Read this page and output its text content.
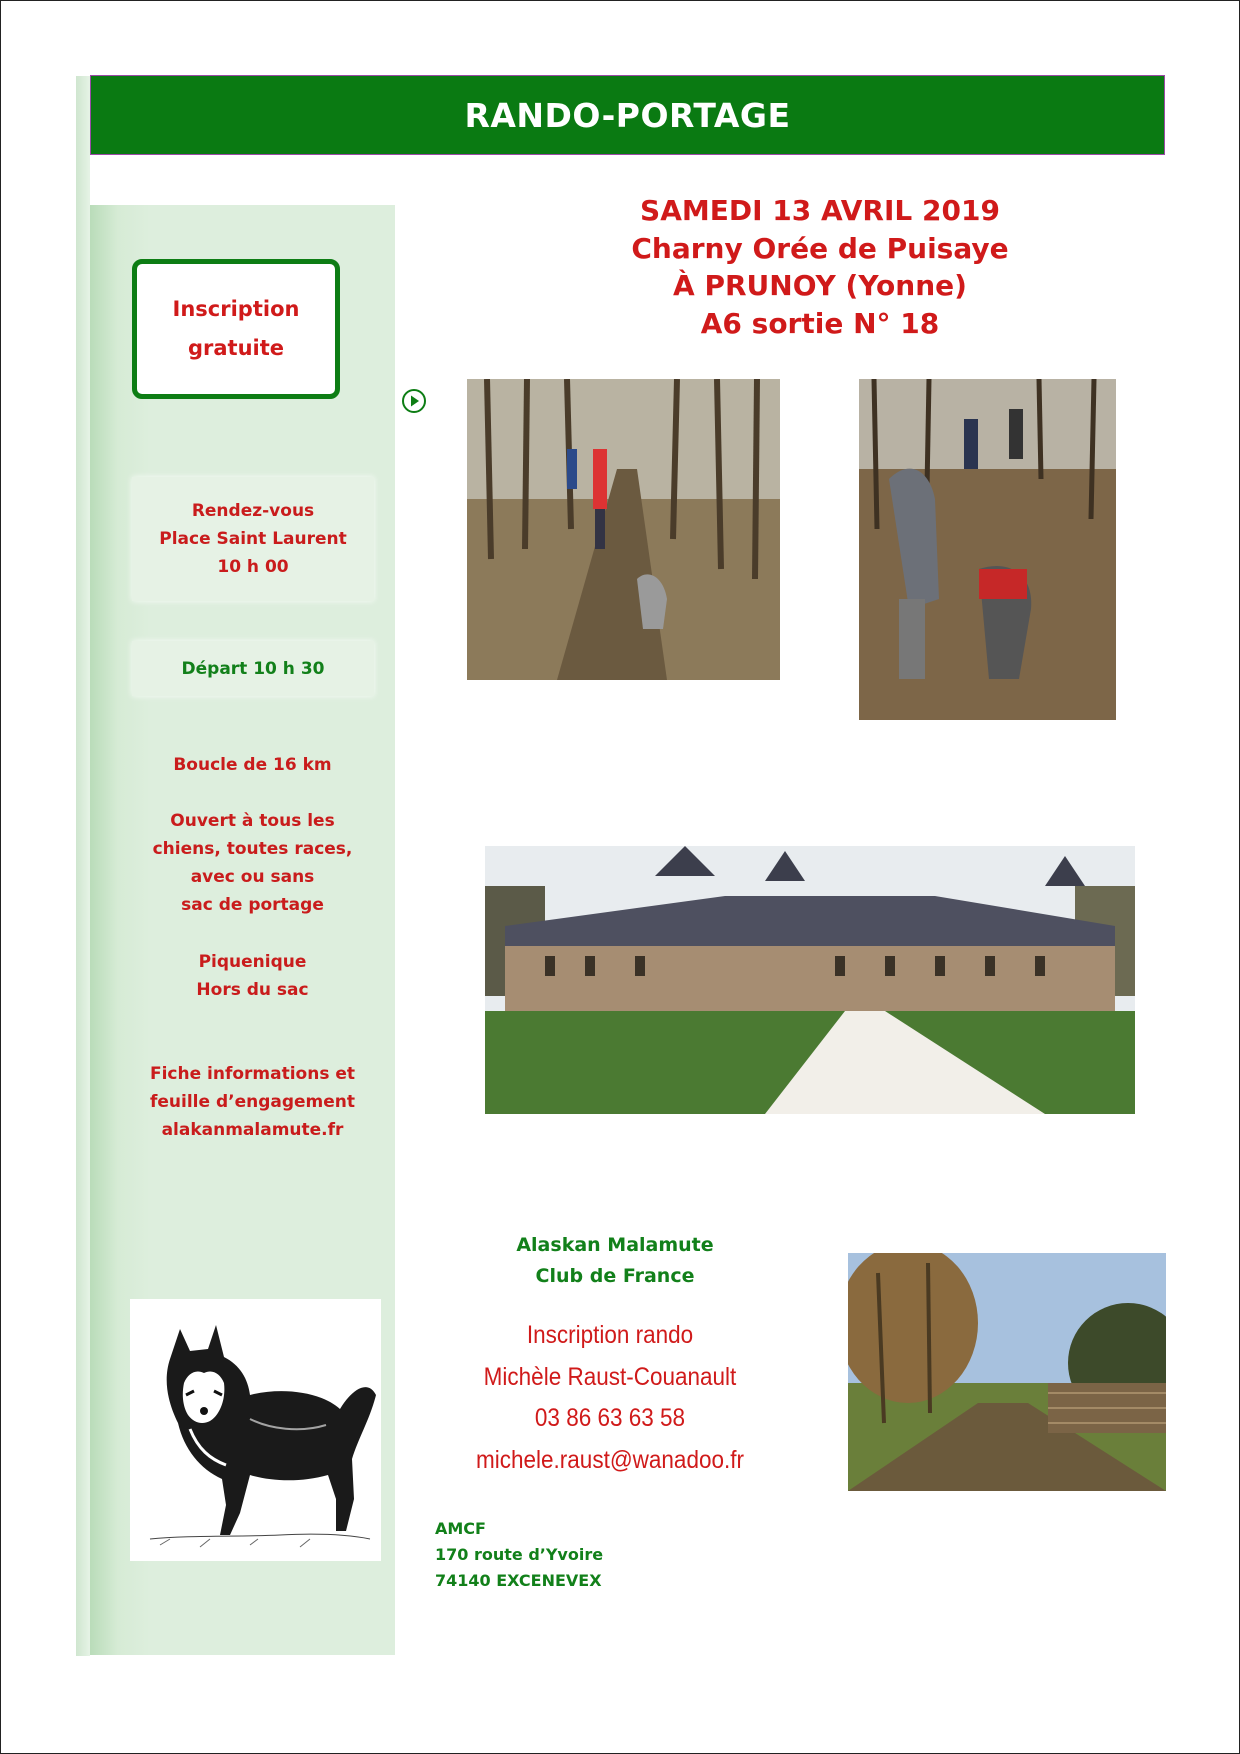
RANDO-PORTAGE
Inscription
gratuite
Rendez-vous
Place Saint Laurent
10 h 00
Départ 10 h 30
Boucle de 16 km
Ouvert à tous les
chiens, toutes races,
avec ou sans
sac de portage
Piquenique
Hors du sac
Fiche informations et
feuille d’engagement
alakanmalamute.fr
SAMEDI 13 AVRIL 2019
Charny Orée de Puisaye
À PRUNOY (Yonne)
A6 sortie N° 18
Alaskan Malamute
Club de France
Inscription rando
Michèle Raust-Couanault
03 86 63 63 58
michele.raust@wanadoo.fr
AMCF
170 route d’Yvoire
74140 EXCENEVEX
